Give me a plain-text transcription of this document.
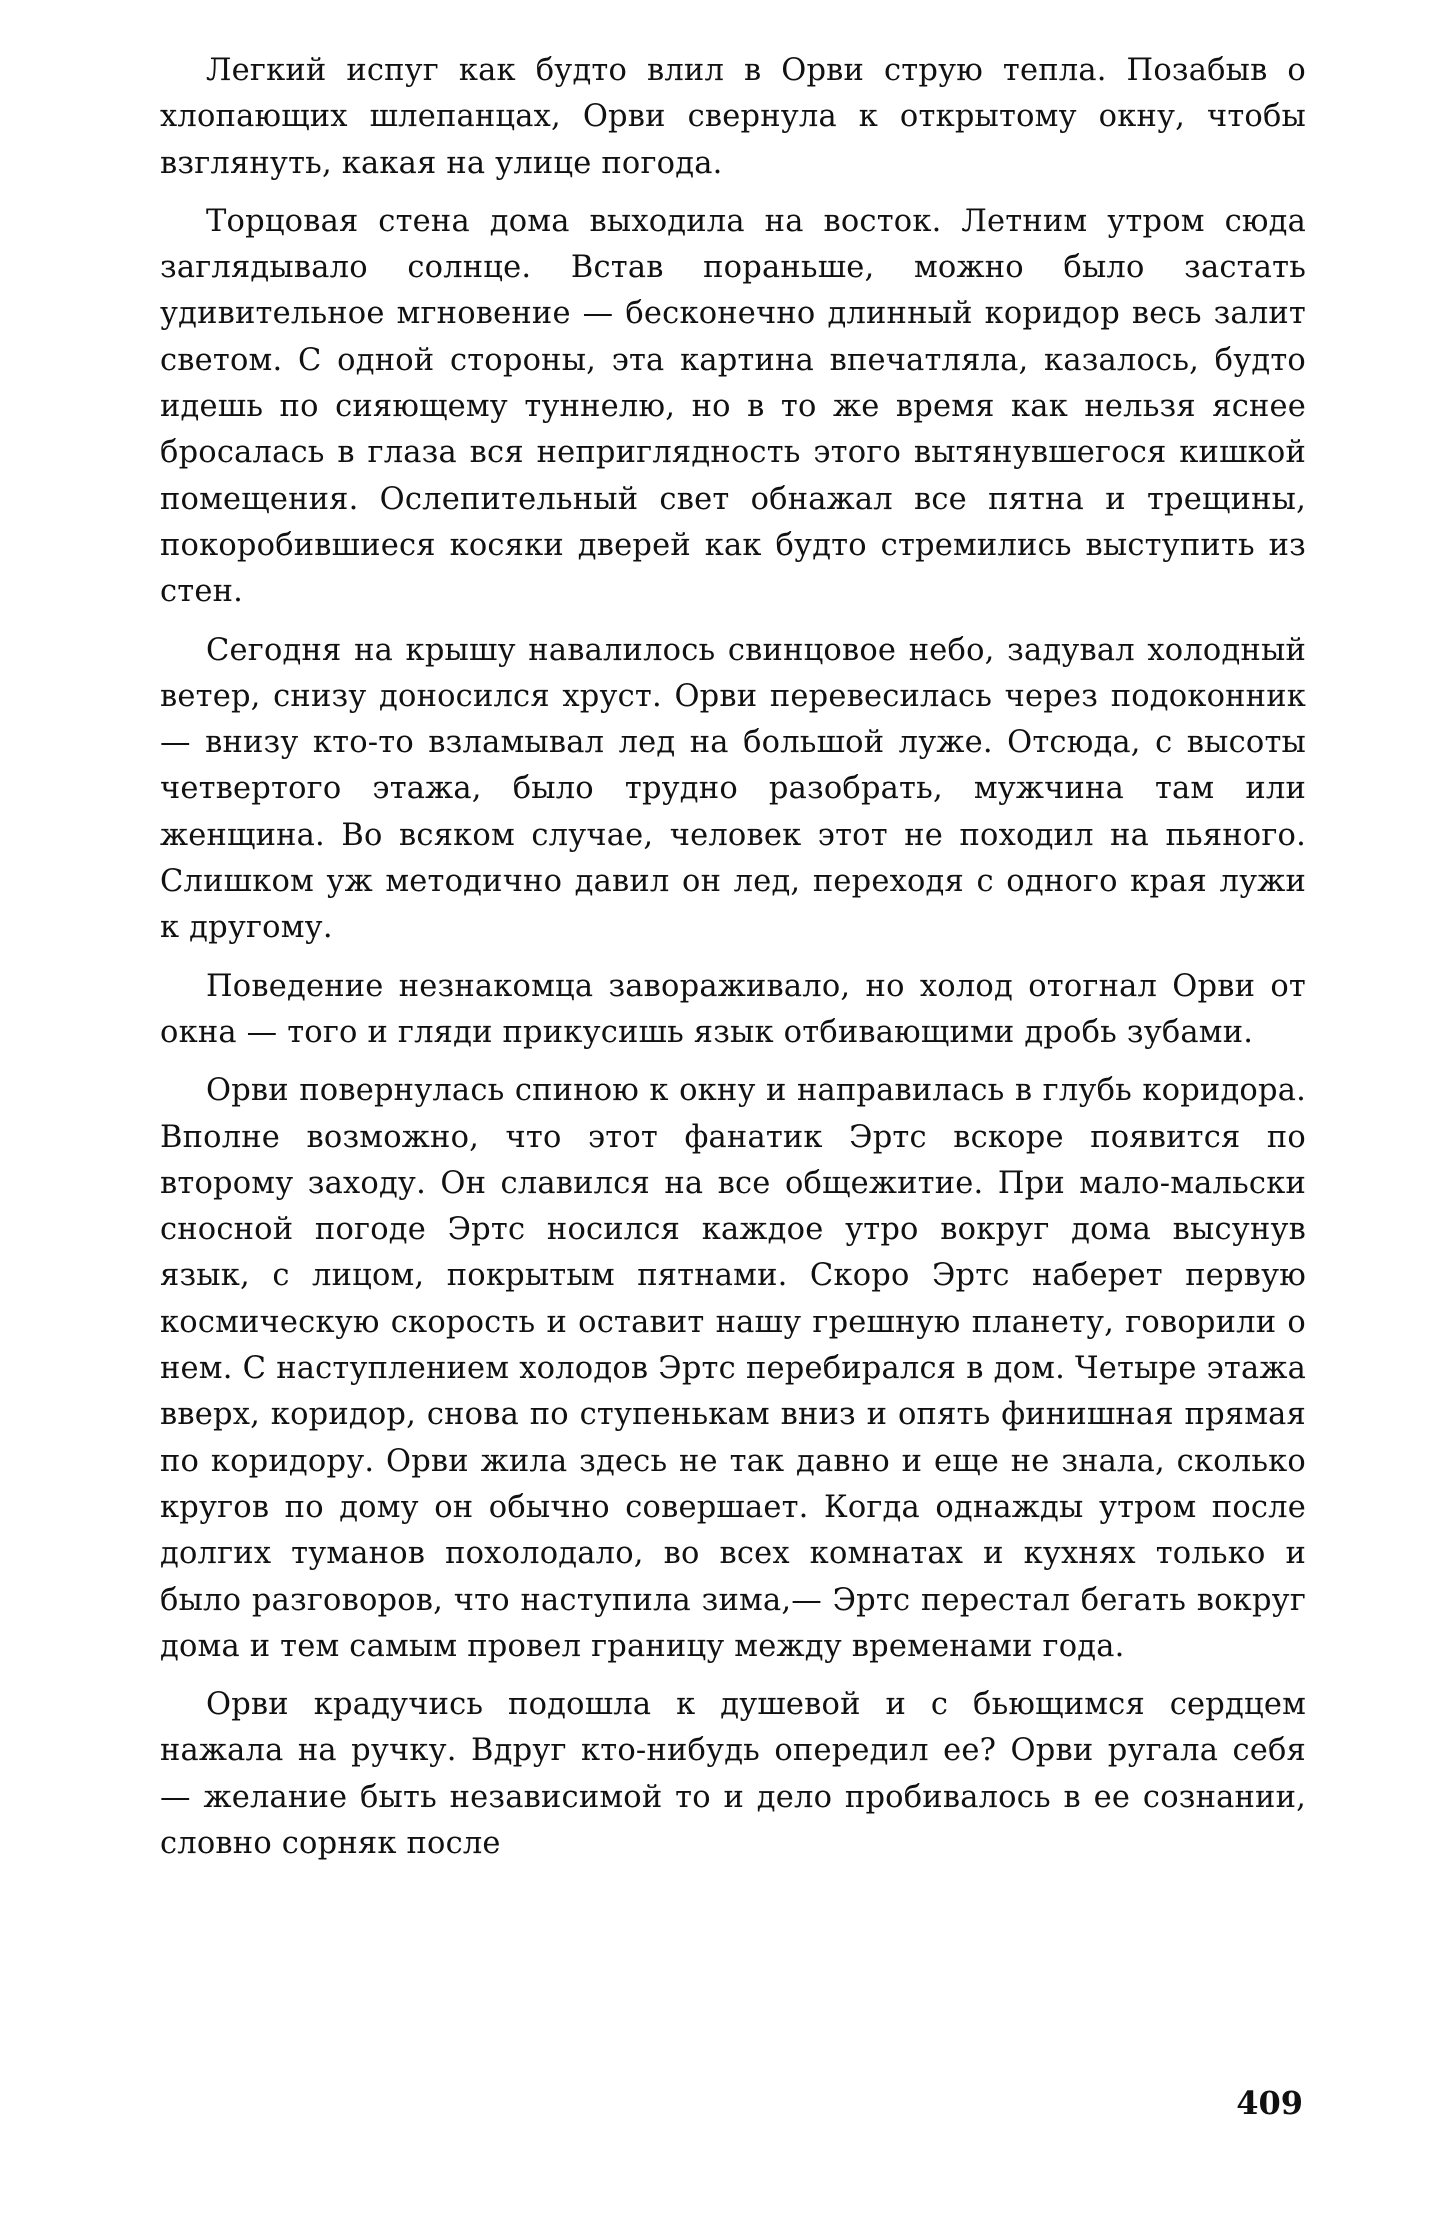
Легкий испуг как будто влил в Орви струю тепла. Позабыв о хлопающих шлепанцах, Орви свернула к открытому окну, чтобы взглянуть, какая на улице погода.

Торцовая стена дома выходила на восток. Летним утром сюда заглядывало солнце. Встав пораньше, можно было застать удивительное мгновение — бесконечно длинный коридор весь залит светом. С одной стороны, эта картина впечатляла, казалось, будто идешь по сияющему туннелю, но в то же время как нельзя яснее бросалась в глаза вся неприглядность этого вытянувшегося кишкой помещения. Ослепительный свет обнажал все пятна и трещины, покоробившиеся косяки дверей как будто стремились выступить из стен.

Сегодня на крышу навалилось свинцовое небо, задувал холодный ветер, снизу доносился хруст. Орви перевесилась через подоконник — внизу кто-то взламывал лед на большой луже. Отсюда, с высоты четвертого этажа, было трудно разобрать, мужчина там или женщина. Во всяком случае, человек этот не походил на пьяного. Слишком уж методично давил он лед, переходя с одного края лужи к другому.

Поведение незнакомца завораживало, но холод отогнал Орви от окна — того и гляди прикусишь язык отбивающими дробь зубами.

Орви повернулась спиною к окну и направилась в глубь коридора. Вполне возможно, что этот фанатик Эртс вскоре появится по второму заходу. Он славился на все общежитие. При мало-мальски сносной погоде Эртс носился каждое утро вокруг дома высунув язык, с лицом, покрытым пятнами. Скоро Эртс наберет первую космическую скорость и оставит нашу грешную планету, говорили о нем. С наступлением холодов Эртс перебирался в дом. Четыре этажа вверх, коридор, снова по ступенькам вниз и опять финишная прямая по коридору. Орви жила здесь не так давно и еще не знала, сколько кругов по дому он обычно совершает. Когда однажды утром после долгих туманов похолодало, во всех комнатах и кухнях только и было разговоров, что наступила зима,— Эртс перестал бегать вокруг дома и тем самым провел границу между временами года.

Орви крадучись подошла к душевой и с бьющимся сердцем нажала на ручку. Вдруг кто-нибудь опередил ее? Орви ругала себя — желание быть независимой то и дело пробивалось в ее сознании, словно сорняк после

409
